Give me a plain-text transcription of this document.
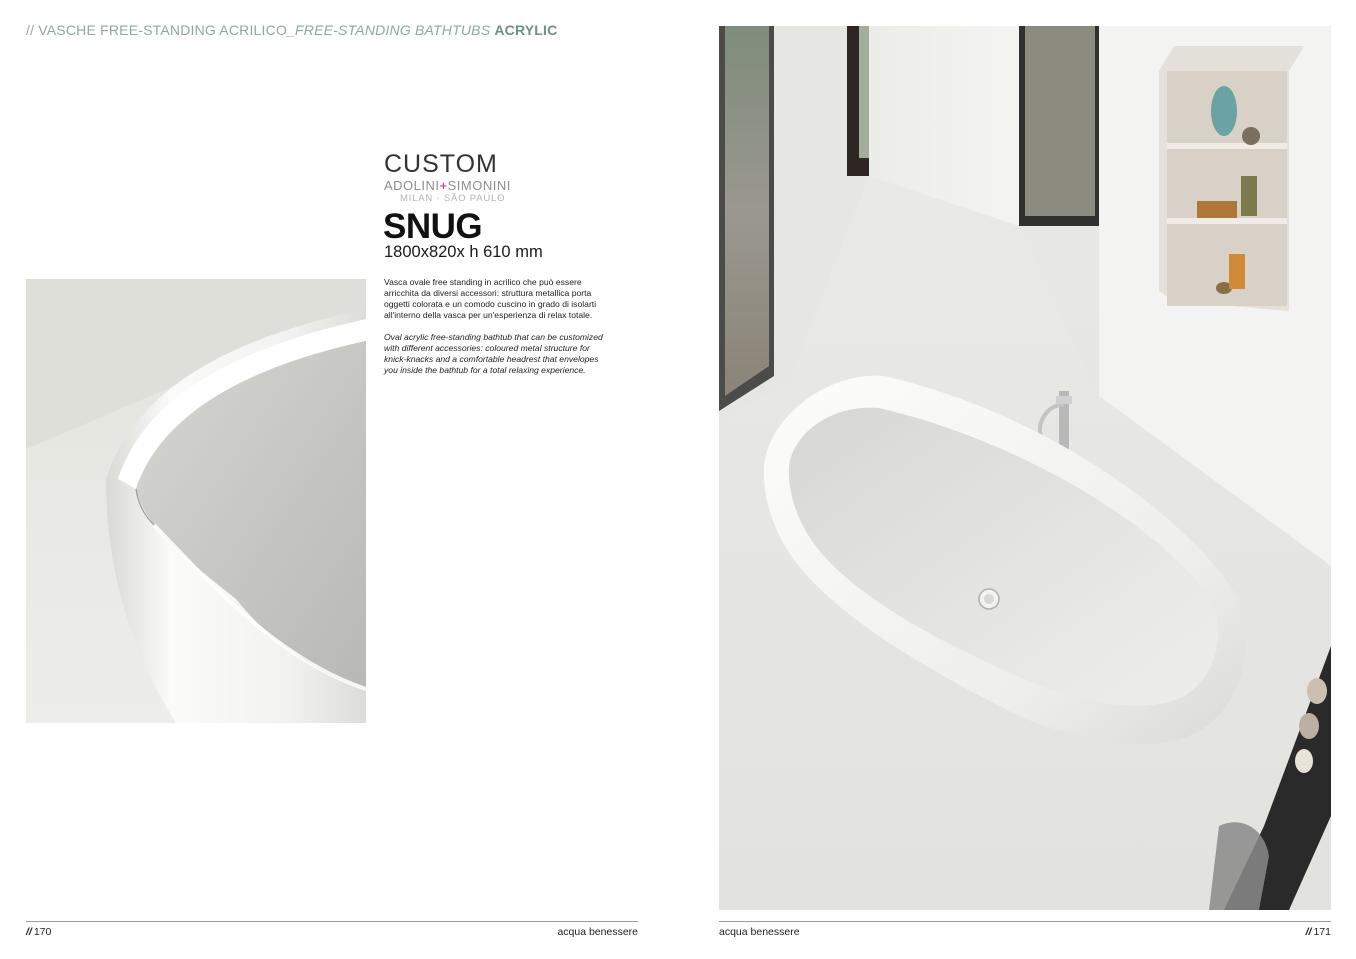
// VASCHE FREE-STANDING ACRILICO_FREE-STANDING BATHTUBS ACRYLIC
CUSTOM
ADOLINI+SIMONINI
MILAN · SÃO PAULO
SNUG
1800x820x h 610 mm

Vasca ovale free standing in acrilico che può essere arricchita da diversi accessori: struttura metallica porta oggetti colorata e un comodo cuscino in grado di isolarti all'interno della vasca per un'esperienza di relax totale.

Oval acrylic free-standing bathtub that can be customized with different accessories: coloured metal structure for knick-knacks and a comfortable headrest that envelopes you inside the bathtub for a total relaxing experience.

// 170	acqua benessere	acqua benessere	// 171
